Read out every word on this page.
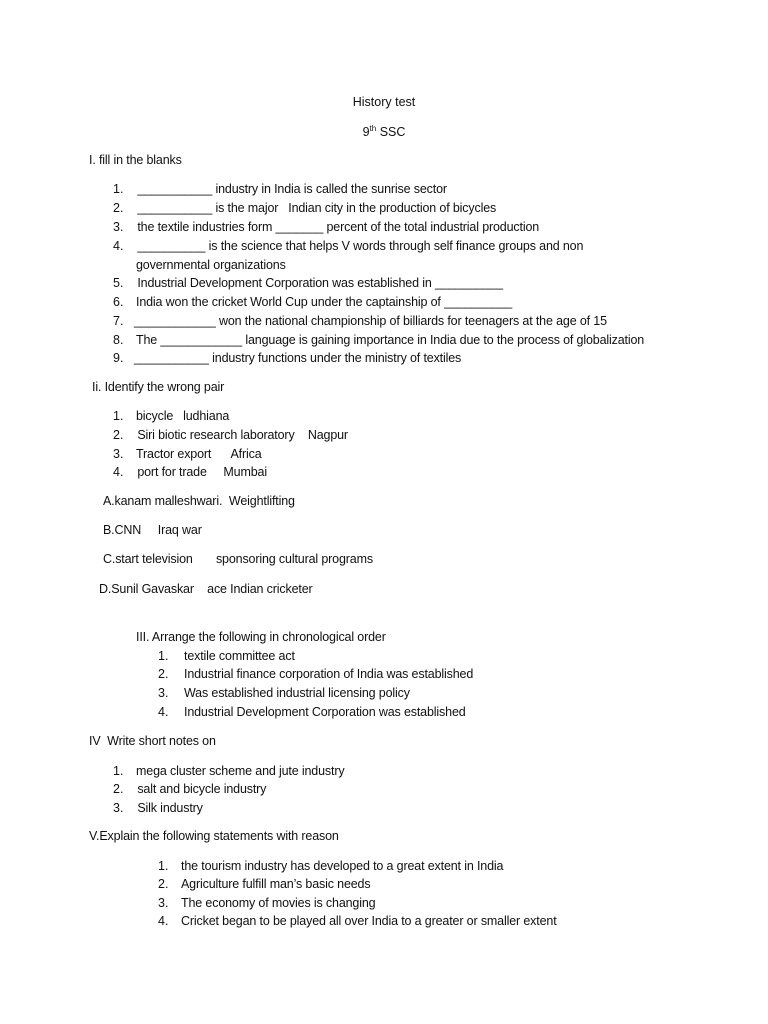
History test
9th SSC
I. fill in the blanks
1. ___________ industry in India is called the sunrise sector
2. ___________ is the major   Indian city in the production of bicycles
3. the textile industries form _______ percent of the total industrial production
4. __________ is the science that helps V words through self finance groups and non
governmental organizations
5. Industrial Development Corporation was established in __________
6. India won the cricket World Cup under the captainship of __________
7. ____________ won the national championship of billiards for teenagers at the age of 15
8. The ____________ language is gaining importance in India due to the process of globalization
9. ___________ industry functions under the ministry of textiles
Ii. Identify the wrong pair
1. bicycle   ludhiana
2. Siri biotic research laboratory    Nagpur
3. Tractor export      Africa
4. port for trade     Mumbai
A.kanam malleshwari.  Weightlifting
B.CNN     Iraq war
C.start television       sponsoring cultural programs
D.Sunil Gavaskar    ace Indian cricketer
III. Arrange the following in chronological order
1. textile committee act
2. Industrial finance corporation of India was established
3. Was established industrial licensing policy
4. Industrial Development Corporation was established
IV  Write short notes on
1. mega cluster scheme and jute industry
2. salt and bicycle industry
3. Silk industry
V.Explain the following statements with reason
1. the tourism industry has developed to a great extent in India
2. Agriculture fulfill man’s basic needs
3. The economy of movies is changing
4. Cricket began to be played all over India to a greater or smaller extent
